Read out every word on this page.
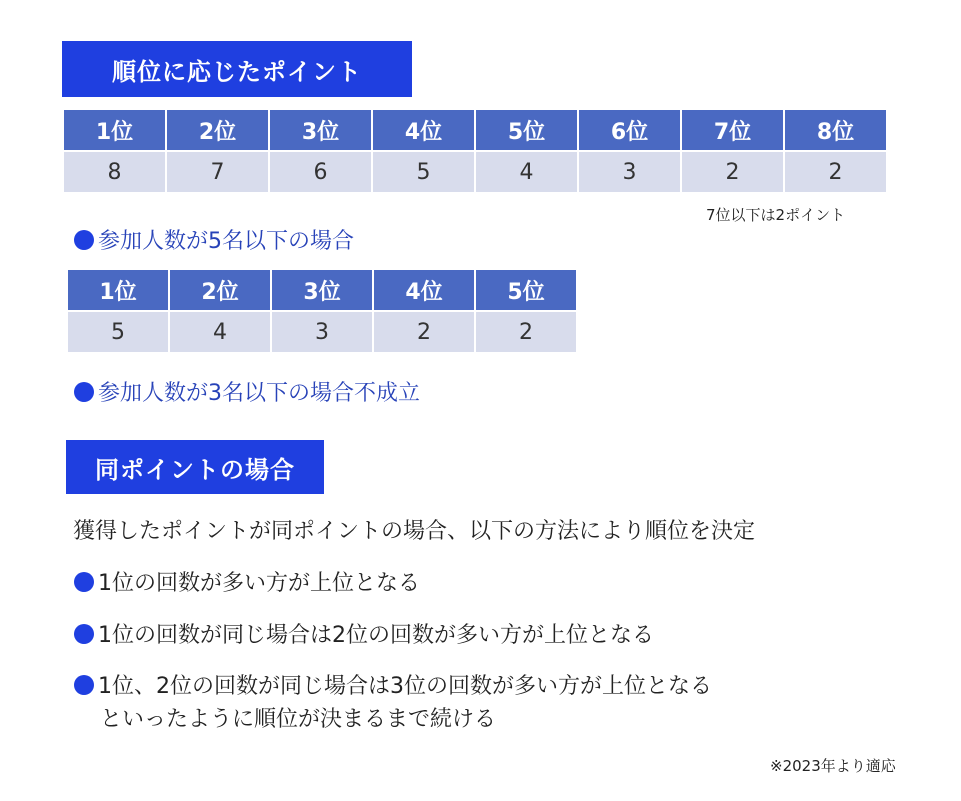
順位に応じたポイント
1位	2位	3位	4位	5位	6位	7位	8位
8	7	6	5	4	3	2	2
7位以下は2ポイント
参加人数が5名以下の場合
1位	2位	3位	4位	5位
5	4	3	2	2
参加人数が3名以下の場合不成立
同ポイントの場合
獲得したポイントが同ポイントの場合、以下の方法により順位を決定
1位の回数が多い方が上位となる
1位の回数が同じ場合は2位の回数が多い方が上位となる
1位、2位の回数が同じ場合は3位の回数が多い方が上位となる
といったように順位が決まるまで続ける
※2023年より適応
